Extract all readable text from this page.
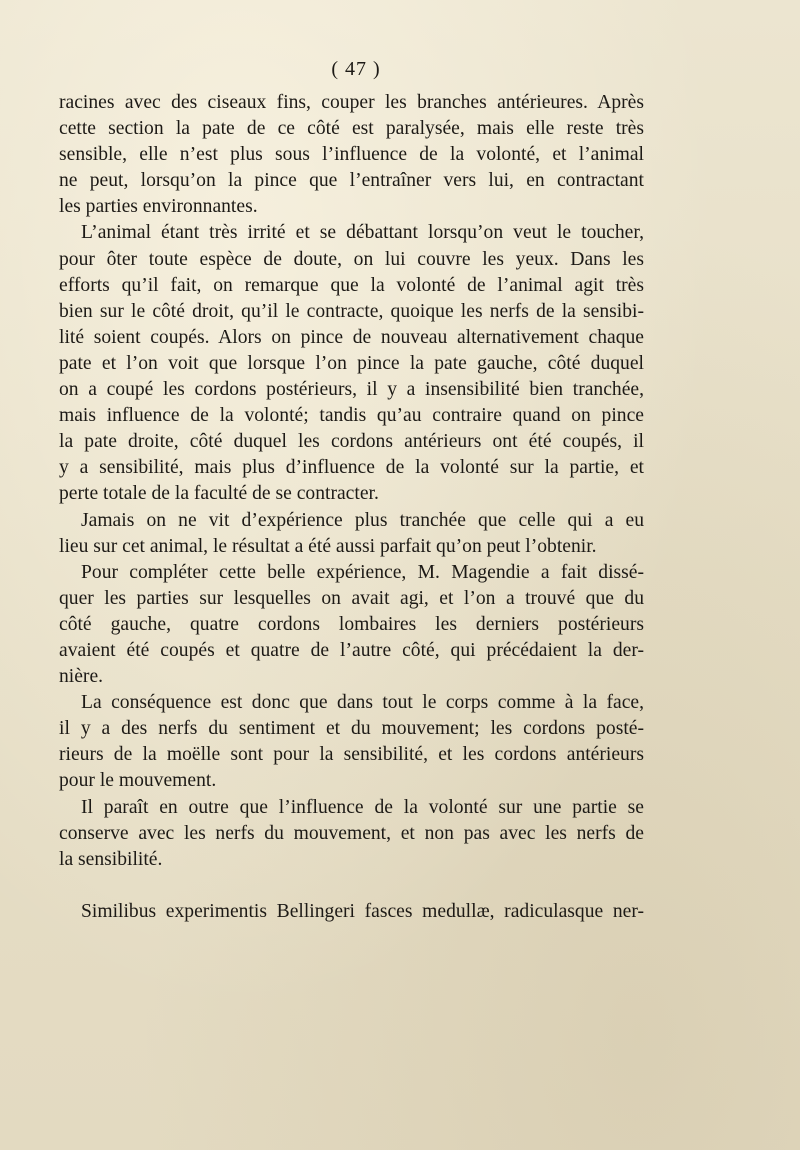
( 47 )
racines avec des ciseaux fins, couper les branches antérieures. Après
cette section la pate de ce côté est paralysée, mais elle reste très
sensible, elle n’est plus sous l’influence de la volonté, et l’animal
ne peut, lorsqu’on la pince que l’entraîner vers lui, en contractant
les parties environnantes.
L’animal étant très irrité et se débattant lorsqu’on veut le toucher,
pour ôter toute espèce de doute, on lui couvre les yeux. Dans les
efforts qu’il fait, on remarque que la volonté de l’animal agit très
bien sur le côté droit, qu’il le contracte, quoique les nerfs de la sensibi-
lité soient coupés. Alors on pince de nouveau alternativement chaque
pate et l’on voit que lorsque l’on pince la pate gauche, côté duquel
on a coupé les cordons postérieurs, il y a insensibilité bien tranchée,
mais influence de la volonté; tandis qu’au contraire quand on pince
la pate droite, côté duquel les cordons antérieurs ont été coupés, il
y a sensibilité, mais plus d’influence de la volonté sur la partie, et
perte totale de la faculté de se contracter.
Jamais on ne vit d’expérience plus tranchée que celle qui a eu
lieu sur cet animal, le résultat a été aussi parfait qu’on peut l’obtenir.
Pour compléter cette belle expérience, M. Magendie a fait dissé-
quer les parties sur lesquelles on avait agi, et l’on a trouvé que du
côté gauche, quatre cordons lombaires les derniers postérieurs
avaient été coupés et quatre de l’autre côté, qui précédaient la der-
nière.
La conséquence est donc que dans tout le corps comme à la face,
il y a des nerfs du sentiment et du mouvement; les cordons posté-
rieurs de la moëlle sont pour la sensibilité, et les cordons antérieurs
pour le mouvement.
Il paraît en outre que l’influence de la volonté sur une partie se
conserve avec les nerfs du mouvement, et non pas avec les nerfs de
la sensibilité.
Similibus experimentis Bellingeri fasces medullæ, radiculasque ner-
